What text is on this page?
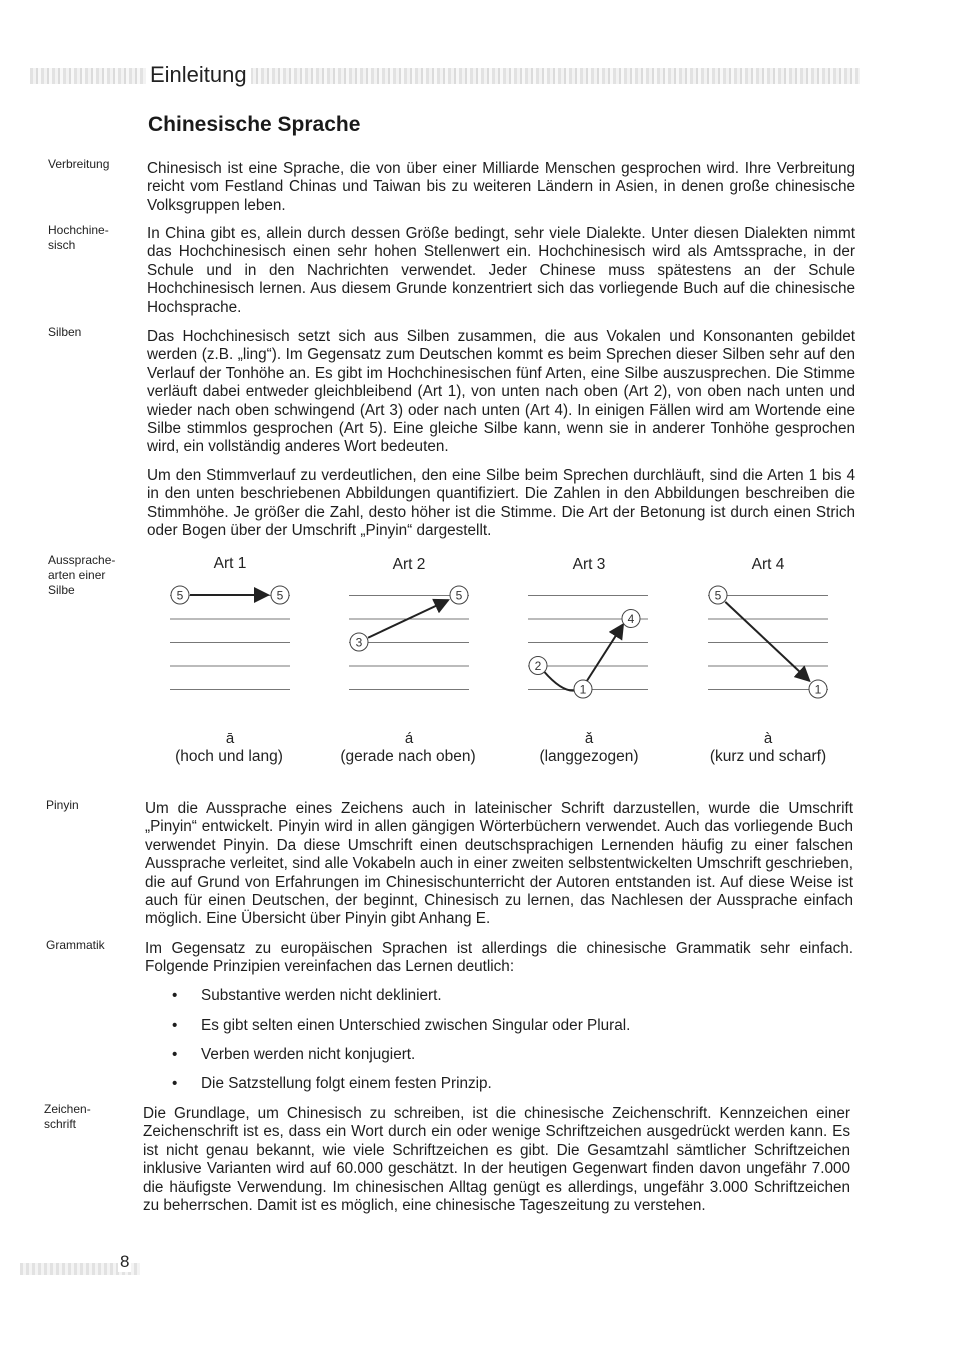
Einleitung
Chinesische Sprache
Verbreitung	Chinesisch ist eine Sprache, die von über einer Milliarde Menschen gesprochen wird. Ihre Verbreitung reicht vom Festland Chinas und Taiwan bis zu weiteren Ländern in Asien, in denen große chinesische Volksgruppen leben.
Hochchine-sisch
In China gibt es, allein durch dessen Größe bedingt, sehr viele Dialekte. Unter diesen Dialekten nimmt das Hochchinesisch einen sehr hohen Stellenwert ein. Hochchinesisch wird als Amtssprache, in der Schule und in den Nachrichten verwendet. Jeder Chinese muss spätestens an der Schule Hochchinesisch lernen. Aus diesem Grunde konzentriert sich das vorliegende Buch auf die chinesische Hochsprache.
Silben	Das Hochchinesisch setzt sich aus Silben zusammen, die aus Vokalen und Konsonanten gebildet werden (z.B. „ling“). Im Gegensatz zum Deutschen kommt es beim Sprechen dieser Silben sehr auf den Verlauf der Tonhöhe an. Es gibt im Hochchinesischen fünf Arten, eine Silbe auszusprechen. Die Stimme verläuft dabei entweder gleichbleibend (Art 1), von unten nach oben (Art 2), von oben nach unten und wieder nach oben schwingend (Art 3) oder nach unten (Art 4). In einigen Fällen wird am Wortende eine Silbe stimmlos gesprochen (Art 5). Eine gleiche Silbe kann, wenn sie in anderer Tonhöhe gesprochen wird, ein vollständig anderes Wort bedeuten.
Um den Stimmverlauf zu verdeutlichen, den eine Silbe beim Sprechen durchläuft, sind die Arten 1 bis 4 in den unten beschriebenen Abbildungen quantifiziert. Die Zahlen in den Abbildungen beschreiben die Stimmhöhe. Je größer die Zahl, desto höher ist die Stimme. Die Art der Betonung ist durch einen Strich oder Bogen über der Umschrift „Pinyin“ dargestellt.
Aussprache-arten einer Silbe
Art 1	Art 2	Art 3	Art 4
5	5
3
5
2
1
4
5
1
ā	á	ǎ	à
(hoch und lang)	(gerade nach oben)	(langgezogen)	(kurz und scharf)
Pinyin	Um die Aussprache eines Zeichens auch in lateinischer Schrift darzustellen, wurde die Umschrift „Pinyin“ entwickelt. Pinyin wird in allen gängigen Wörterbüchern verwendet. Auch das vorliegende Buch verwendet Pinyin. Da diese Umschrift einen deutschsprachigen Lernenden häufig zu einer falschen Aussprache verleitet, sind alle Vokabeln auch in einer zweiten selbstentwickelten Umschrift geschrieben, die auf Grund von Erfahrungen im Chinesischunterricht der Autoren entstanden ist. Auf diese Weise ist auch für einen Deutschen, der beginnt, Chinesisch zu lernen, das Nachlesen der Aussprache einfach möglich. Eine Übersicht über Pinyin gibt Anhang E.
Grammatik	Im Gegensatz zu europäischen Sprachen ist allerdings die chinesische Grammatik sehr einfach. Folgende Prinzipien vereinfachen das Lernen deutlich:
• Substantive werden nicht dekliniert.
• Es gibt selten einen Unterschied zwischen Singular oder Plural.
• Verben werden nicht konjugiert.
• Die Satzstellung folgt einem festen Prinzip.
Zeichen-schrift
Die Grundlage, um Chinesisch zu schreiben, ist die chinesische Zeichenschrift. Kennzeichen einer Zeichenschrift ist es, dass ein Wort durch ein oder wenige Schriftzeichen ausgedrückt werden kann. Es ist nicht genau bekannt, wie viele Schriftzeichen es gibt. Die Gesamtzahl sämtlicher Schriftzeichen inklusive Varianten wird auf 60.000 geschätzt. In der heutigen Gegenwart finden davon ungefähr 7.000 die häufigste Verwendung. Im chinesischen Alltag genügt es allerdings, ungefähr 3.000 Schriftzeichen zu beherrschen. Damit ist es möglich, eine chinesische Tageszeitung zu verstehen.
8
